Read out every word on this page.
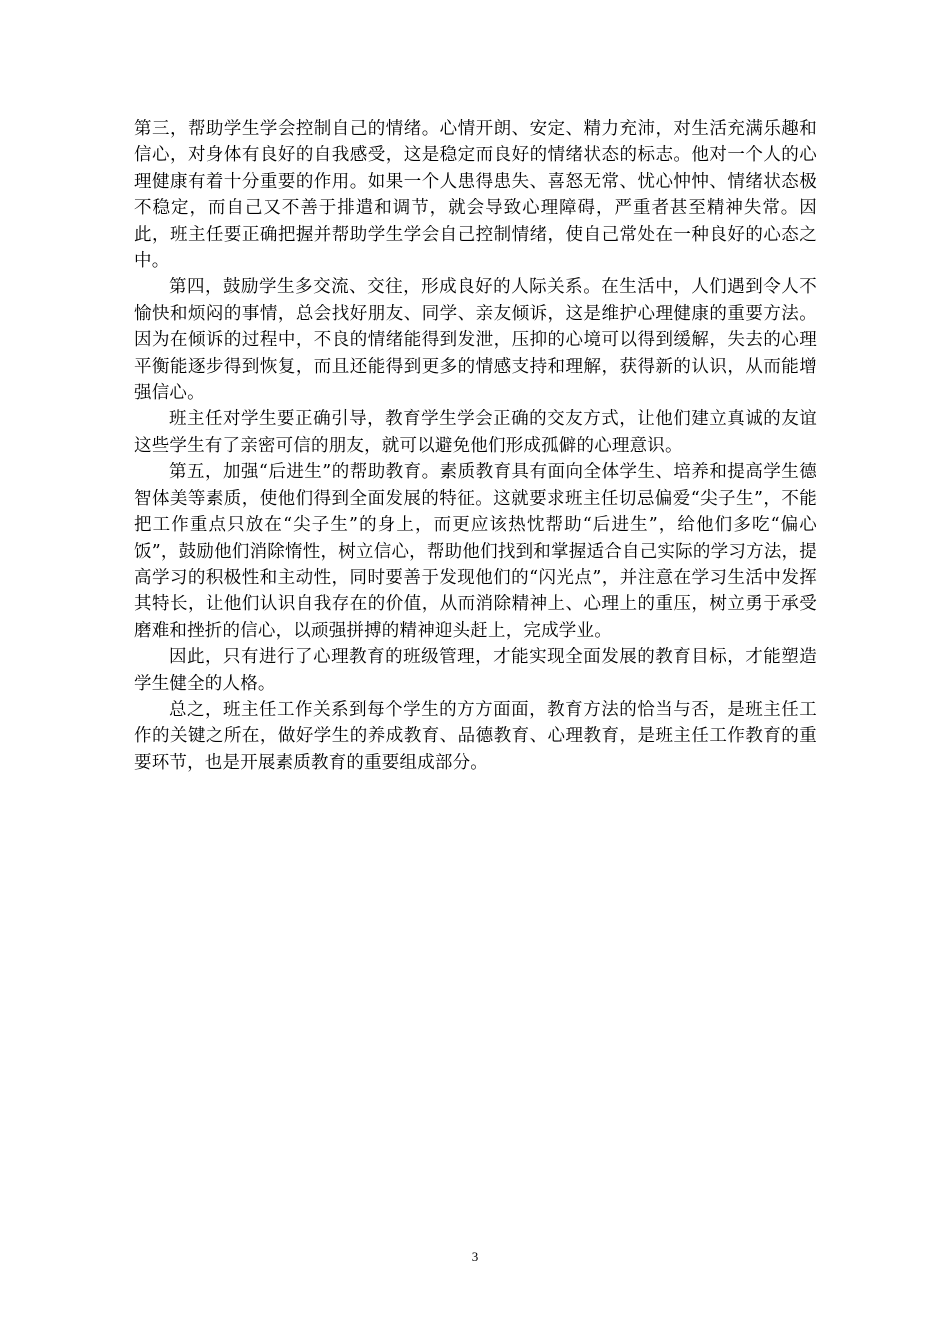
第三，帮助学生学会控制自己的情绪。心情开朗、安定、精力充沛，对生活充满乐趣和信心，对身体有良好的自我感受，这是稳定而良好的情绪状态的标志。他对一个人的心理健康有着十分重要的作用。如果一个人患得患失、喜怒无常、忧心忡忡、情绪状态极不稳定，而自己又不善于排遣和调节，就会导致心理障碍，严重者甚至精神失常。因此，班主任要正确把握并帮助学生学会自己控制情绪，使自己常处在一种良好的心态之中。

第四，鼓励学生多交流、交往，形成良好的人际关系。在生活中，人们遇到令人不愉快和烦闷的事情，总会找好朋友、同学、亲友倾诉，这是维护心理健康的重要方法。因为在倾诉的过程中，不良的情绪能得到发泄，压抑的心境可以得到缓解，失去的心理平衡能逐步得到恢复，而且还能得到更多的情感支持和理解，获得新的认识，从而能增强信心。

班主任对学生要正确引导，教育学生学会正确的交友方式，让他们建立真诚的友谊这些学生有了亲密可信的朋友，就可以避免他们形成孤僻的心理意识。

第五，加强“后进生”的帮助教育。素质教育具有面向全体学生、培养和提高学生德智体美等素质，使他们得到全面发展的特征。这就要求班主任切忌偏爱“尖子生”，不能把工作重点只放在“尖子生”的身上，而更应该热忱帮助“后进生”，给他们多吃“偏心饭”，鼓励他们消除惰性，树立信心，帮助他们找到和掌握适合自己实际的学习方法，提高学习的积极性和主动性，同时要善于发现他们的“闪光点”，并注意在学习生活中发挥其特长，让他们认识自我存在的价值，从而消除精神上、心理上的重压，树立勇于承受磨难和挫折的信心，以顽强拼搏的精神迎头赶上，完成学业。

因此，只有进行了心理教育的班级管理，才能实现全面发展的教育目标，才能塑造学生健全的人格。

总之，班主任工作关系到每个学生的方方面面，教育方法的恰当与否，是班主任工作的关键之所在，做好学生的养成教育、品德教育、心理教育，是班主任工作教育的重要环节，也是开展素质教育的重要组成部分。

3
